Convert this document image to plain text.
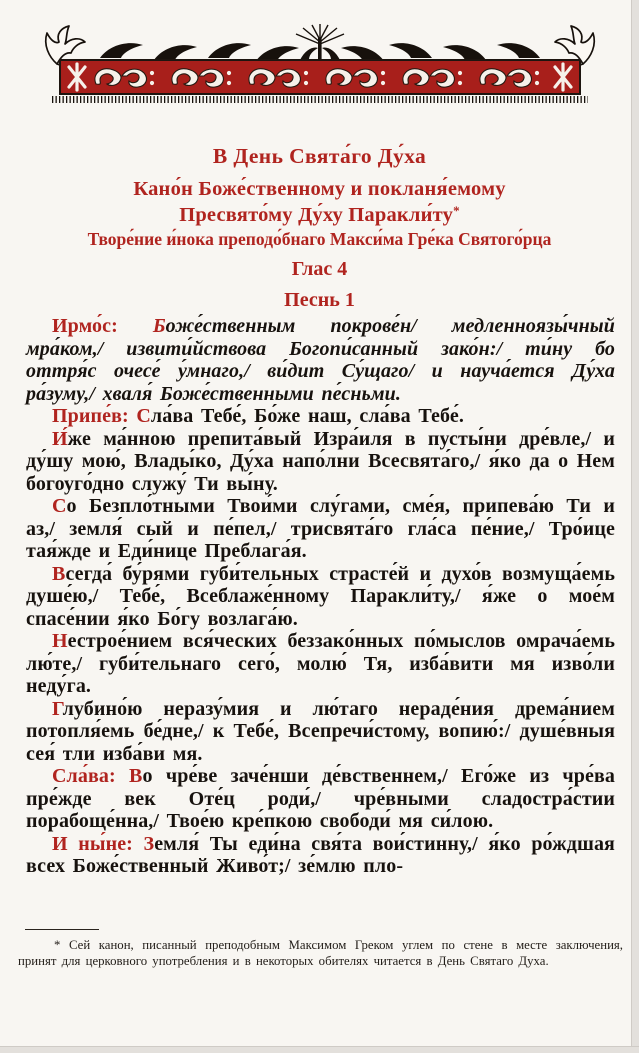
В День Свята́го Ду́ха
Кано́н Боже́ственному и покланя́емому
Пресвято́му Ду́ху Паракли́ту*
Творе́ние и́нока преподо́бнаго Макси́ма Гре́ка Святого́рца
Глас 4
Песнь 1

Ирмо́с: Боже́ственным покрове́н/ медленноязы́чный мра́ком,/ извити́йствова Богопи́санный зако́н:/ ти́ну бо оттря́с очесе́ у́мнаго,/ ви́дит Су́щаго/ и науча́ется Ду́ха ра́зуму,/ хваля́ Боже́ственными пе́сньми.

Припе́в: Сла́ва Тебе́, Бо́же наш, сла́ва Тебе́.

И́же ма́нною препита́вый Изра́иля в пусты́ни дре́вле,/ и ду́шу мою́, Влады́ко, Ду́ха напо́лни Всесвята́го,/ я́ко да о Нем богоуго́дно служу́ Ти вы́ну.

Со Безпло́тными Твои́ми слу́гами, сме́я, припева́ю Ти и аз,/ земля́ сый и пе́пел,/ трисвята́го гла́са пе́ние,/ Тро́ице тая́жде и Еди́нице Преблага́я.

Всегда́ бу́рями губи́тельных страсте́й и духо́в возмуща́емь душе́ю,/ Тебе́, Всеблаже́нному Паракли́ту,/ я́же о мое́м спасе́нии я́ко Бо́гу возлага́ю.

Нестрое́нием вся́ческих беззако́нных по́мыслов омрача́емь лю́те,/ губи́тельнаго сего́, молю́ Тя, изба́вити мя изво́ли неду́га.

Глубино́ю неразу́мия и лю́таго нераде́ния дрема́нием потопля́емь бе́дне,/ к Тебе́, Всепречи́стому, вопию́:/ душе́вныя сея́ тли изба́ви мя.

Сла́ва: Во чре́ве заче́нши де́вственнем,/ Его́же из чре́ва пре́жде век Оте́ц роди́,/ чре́вными сладостра́стии порабоще́нна,/ Твое́ю кре́пкою свободи́ мя си́лою.

И ны́не: Земля́ Ты еди́на свя́та вои́стинну,/ я́ко ро́ждшая всех Боже́ственный Живо́т;/ зе́млю пло-

* Сей канон, писанный преподобным Максимом Греком углем по стене в месте заключения, принят для церковного употребления и в некоторых обителях читается в День Святаго Духа.
